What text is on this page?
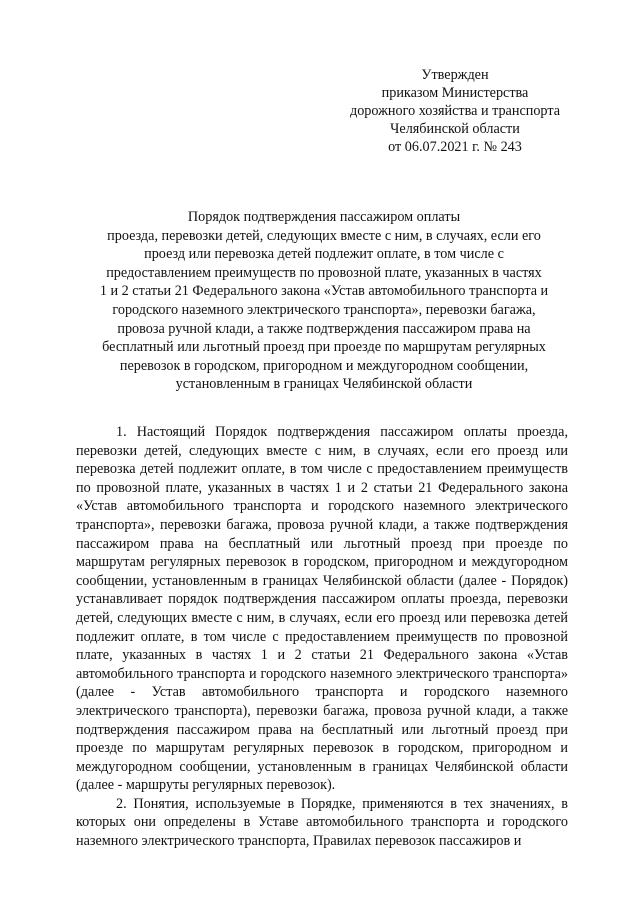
Утвержден
приказом Министерства
дорожного хозяйства и транспорта
Челябинской области
от 06.07.2021 г. № 243
Порядок подтверждения пассажиром оплаты
проезда, перевозки детей, следующих вместе с ним, в случаях, если его
проезд или перевозка детей подлежит оплате, в том числе с
предоставлением преимуществ по провозной плате, указанных в частях
1 и 2 статьи 21 Федерального закона «Устав автомобильного транспорта и
городского наземного электрического транспорта», перевозки багажа,
провоза ручной клади, а также подтверждения пассажиром права на
бесплатный или льготный проезд при проезде по маршрутам регулярных
перевозок в городском, пригородном и междугородном сообщении,
установленным в границах Челябинской области

1. Настоящий Порядок подтверждения пассажиром оплаты проезда, перевозки детей, следующих вместе с ним, в случаях, если его проезд или перевозка детей подлежит оплате, в том числе с предоставлением преимуществ по провозной плате, указанных в частях 1 и 2 статьи 21 Федерального закона «Устав автомобильного транспорта и городского наземного электрического транспорта», перевозки багажа, провоза ручной клади, а также подтверждения пассажиром права на бесплатный или льготный проезд при проезде по маршрутам регулярных перевозок в городском, пригородном и междугородном сообщении, установленным в границах Челябинской области (далее - Порядок) устанавливает порядок подтверждения пассажиром оплаты проезда, перевозки детей, следующих вместе с ним, в случаях, если его проезд или перевозка детей подлежит оплате, в том числе с предоставлением преимуществ по провозной плате, указанных в частях 1 и 2 статьи 21 Федерального закона «Устав автомобильного транспорта и городского наземного электрического транспорта» (далее - Устав автомобильного транспорта и городского наземного электрического транспорта), перевозки багажа, провоза ручной клади, а также подтверждения пассажиром права на бесплатный или льготный проезд при проезде по маршрутам регулярных перевозок в городском, пригородном и междугородном сообщении, установленным в границах Челябинской области (далее - маршруты регулярных перевозок).

2. Понятия, используемые в Порядке, применяются в тех значениях, в которых они определены в Уставе автомобильного транспорта и городского наземного электрического транспорта, Правилах перевозок пассажиров и
